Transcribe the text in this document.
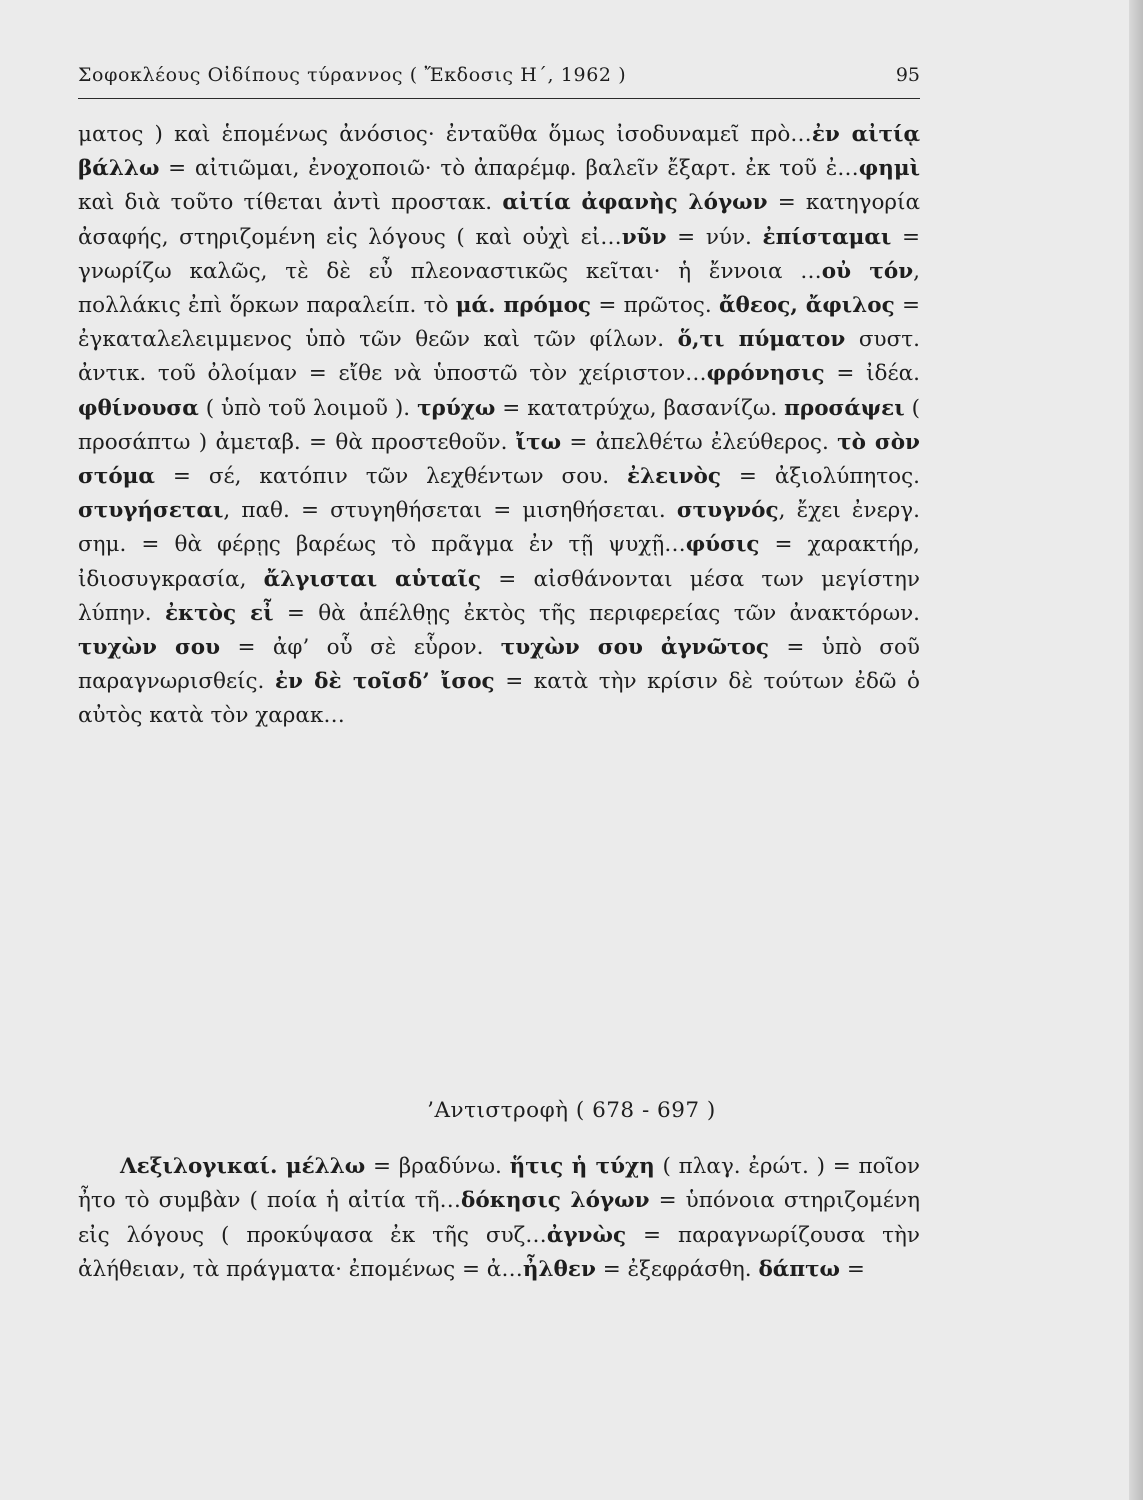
Σοφοκλέους Οἰδίπους τύραννος ( Ἔκδοσις Η΄, 1962 )	95

ματος ) καὶ ἑπομένως ἀνόσιος· ἐνταῦθα ὅμως ἰσοδυναμεῖ πρὸ…ἐν αἰτίᾳ βάλλω = αἰτιῶμαι, ἐνοχοποιῶ· τὸ ἀπαρέμφ. βαλεῖν ἔξαρτ. ἐκ τοῦ ἐ…φημὶ καὶ διὰ τοῦτο τίθεται ἀντὶ προστακ. αἰτία ἀφανὴς λόγων = κατηγορία ἀσαφής, στηριζομένη εἰς λόγους ( καὶ οὐχὶ εἰ…νῦν = νύν. ἐπίσταμαι = γνωρίζω καλῶς, τὲ δὲ εὖ πλεοναστικῶς κεῖται· ἡ ἔννοια …οὐ τόν, πολλάκις ἐπὶ ὅρκων παραλείπ. τὸ μά. πρόμος = πρῶτος. ἄθεος, ἄφιλος = ἐγκαταλελειμμενος ὑπὸ τῶν θεῶν καὶ τῶν φίλων. ὅ,τι πύματον συστ. ἀντικ. τοῦ ὀλοίμαν = εἴθε νὰ ὑποστῶ τὸν χείριστον…φρόνησις = ἰδέα. φθίνουσα ( ὑπὸ τοῦ λοιμοῦ ). τρύχω = κατατρύχω, βασανίζω. προσάψει ( προσάπτω ) ἀμεταβ. = θὰ προστεθοῦν. ἴτω = ἀπελθέτω ἐλεύθερος. τὸ σὸν στόμα = σέ, κατόπιν τῶν λεχθέντων σου. ἐλεινὸς = ἀξιολύπητος. στυγήσεται, παθ. = στυγηθήσεται = μισηθήσεται. στυγνός, ἔχει ἐνεργ. σημ. = θὰ φέρῃς βαρέως τὸ πρᾶγμα ἐν τῇ ψυχῇ…φύσις = χαρακτήρ, ἰδιοσυγκρασία, ἄλγισται αὑταῖς = αἰσθάνονται μέσα των μεγίστην λύπην. ἐκτὸς εἶ = θὰ ἀπέλθῃς ἐκτὸς τῆς περιφερείας τῶν ἀνακτόρων. τυχὼν σου = ἀφ’ οὗ σὲ εὗρον. τυχὼν σου ἀγνῶτος = ὑπὸ σοῦ παραγνωρισθείς. ἐν δὲ τοῖσδ’ ἴσος = κατὰ τὴν κρίσιν δὲ τούτων ἐδῶ ὁ αὐτὸς κατὰ τὸν χαρακ…

’Αντιστροφὴ ( 678 - 697 )

Λεξιλογικαί. μέλλω = βραδύνω. ἥτις ἡ τύχη ( πλαγ. ἐρώτ. ) = ποῖον ἦτο τὸ συμβὰν ( ποία ἡ αἰτία τῆ…δόκησις λόγων = ὑπόνοια στηριζομένη εἰς λόγους ( προκύψασα ἐκ τῆς συζ…ἀγνὼς = παραγνωρίζουσα τὴν ἀλήθειαν, τὰ πράγματα· ἐπομένως = ἀ…ἦλθεν = ἐξεφράσθη. δάπτω =
